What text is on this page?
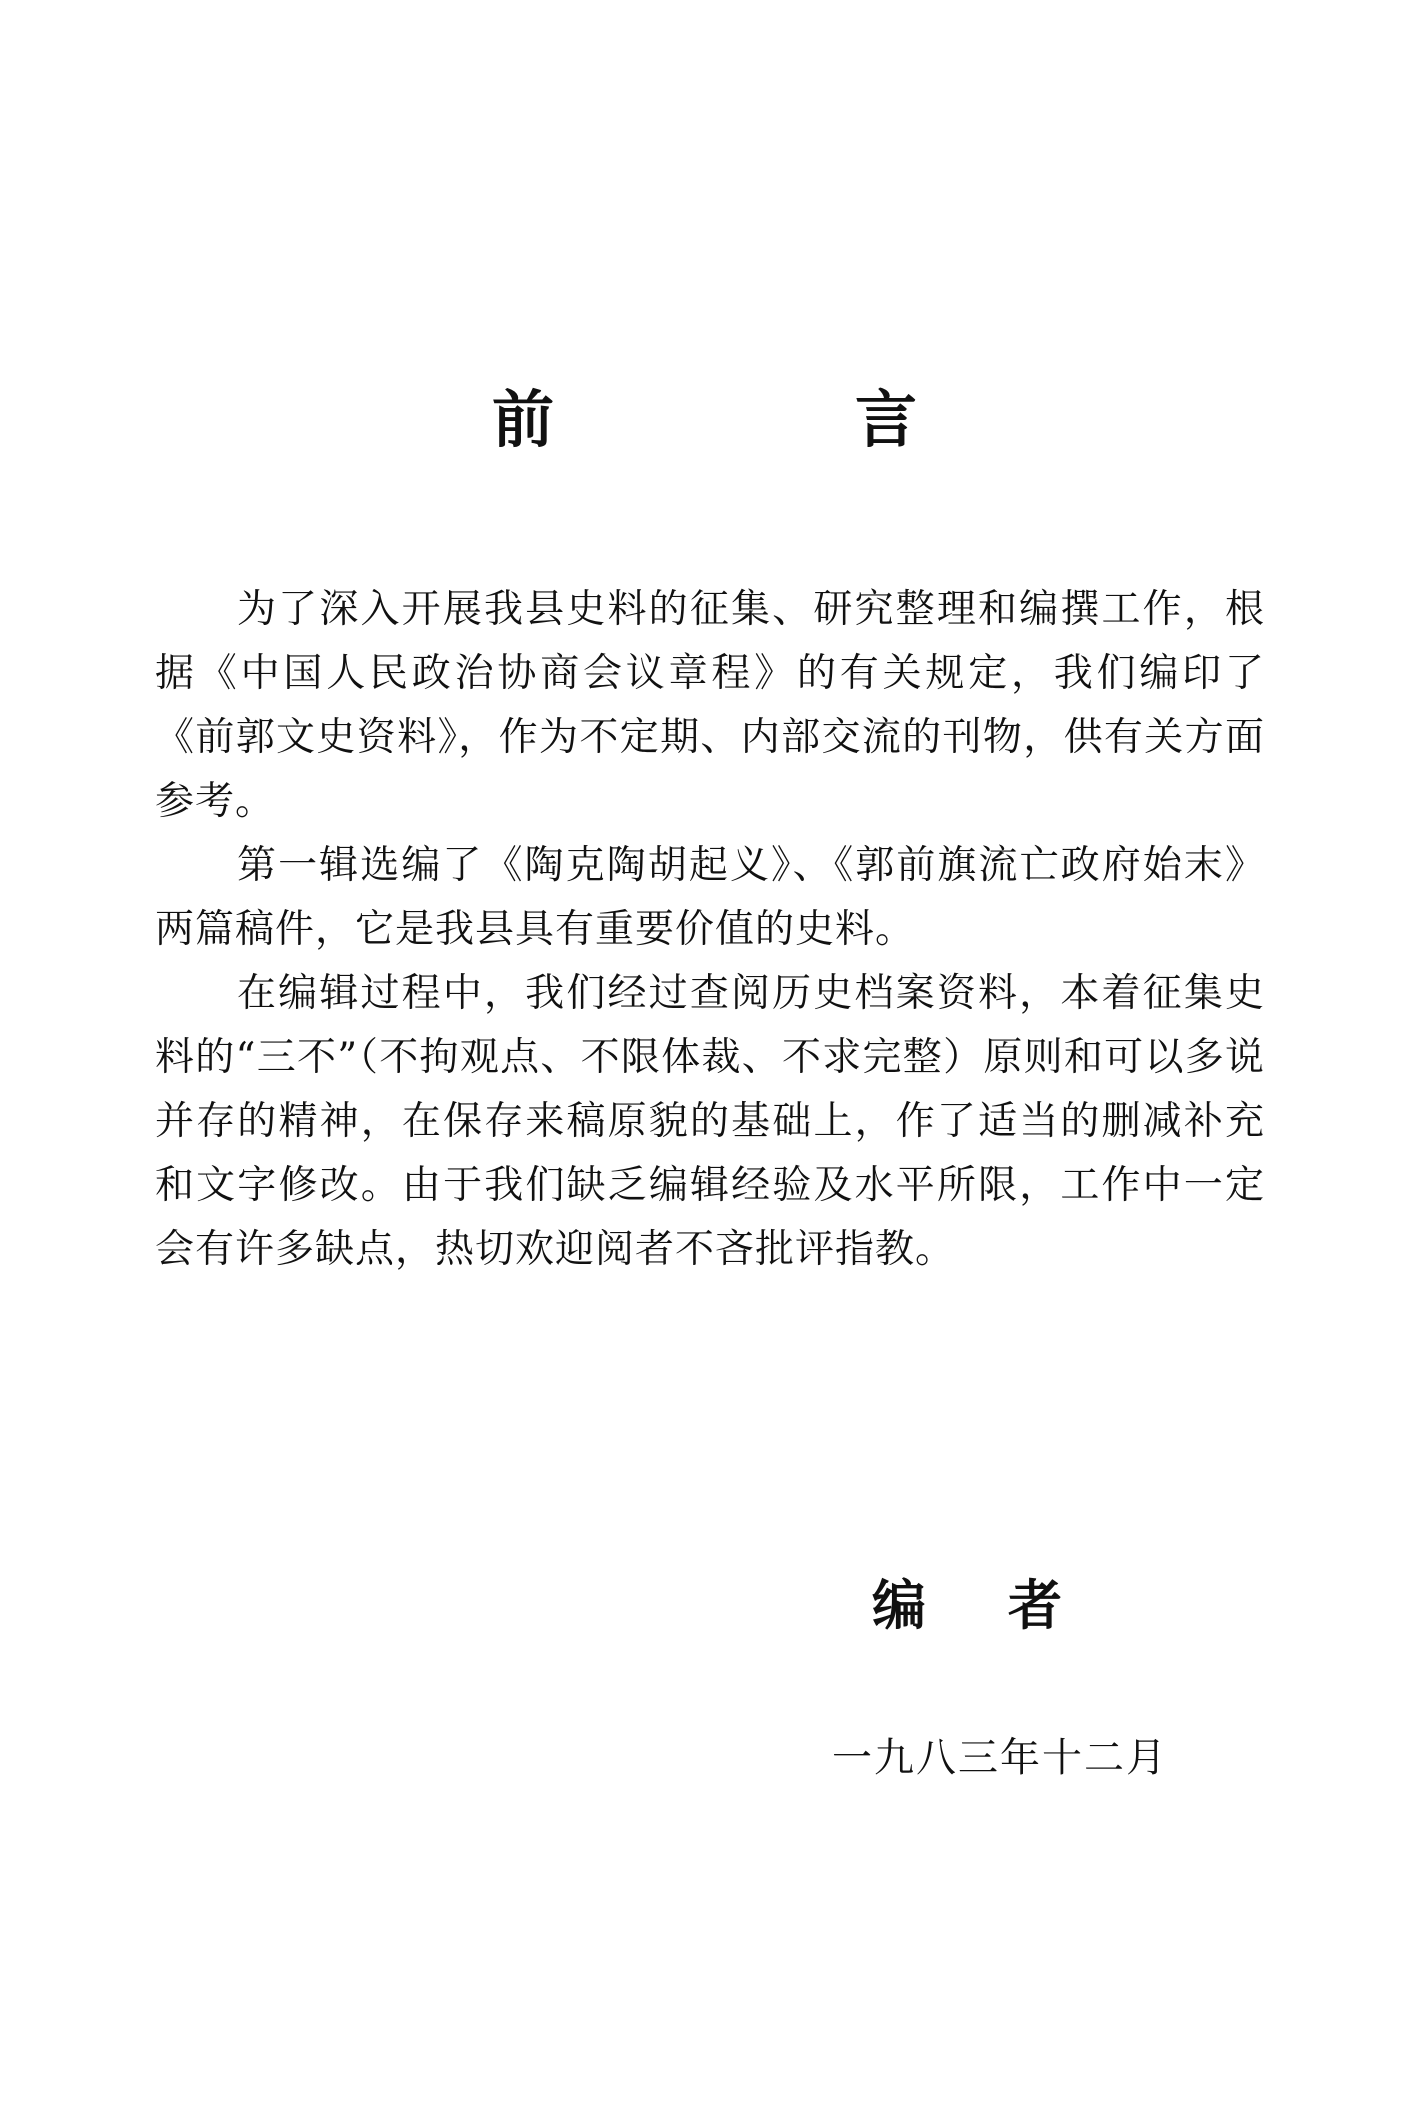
前	言

为了深入开展我县史料的征集、研究整理和编撰工作，根据《中国人民政治协商会议章程》的有关规定，我们编印了《前郭文史资料》，作为不定期、内部交流的刊物，供有关方面参考。

第一辑选编了《陶克陶胡起义》、《郭前旗流亡政府始末》两篇稿件，它是我县具有重要价值的史料。

在编辑过程中，我们经过查阅历史档案资料，本着征集史料的“三不”（不拘观点、不限体裁、不求完整）原则和可以多说并存的精神，在保存来稿原貌的基础上，作了适当的删减补充和文字修改。由于我们缺乏编辑经验及水平所限，工作中一定会有许多缺点，热切欢迎阅者不吝批评指教。

编 者
一九八三年十二月
